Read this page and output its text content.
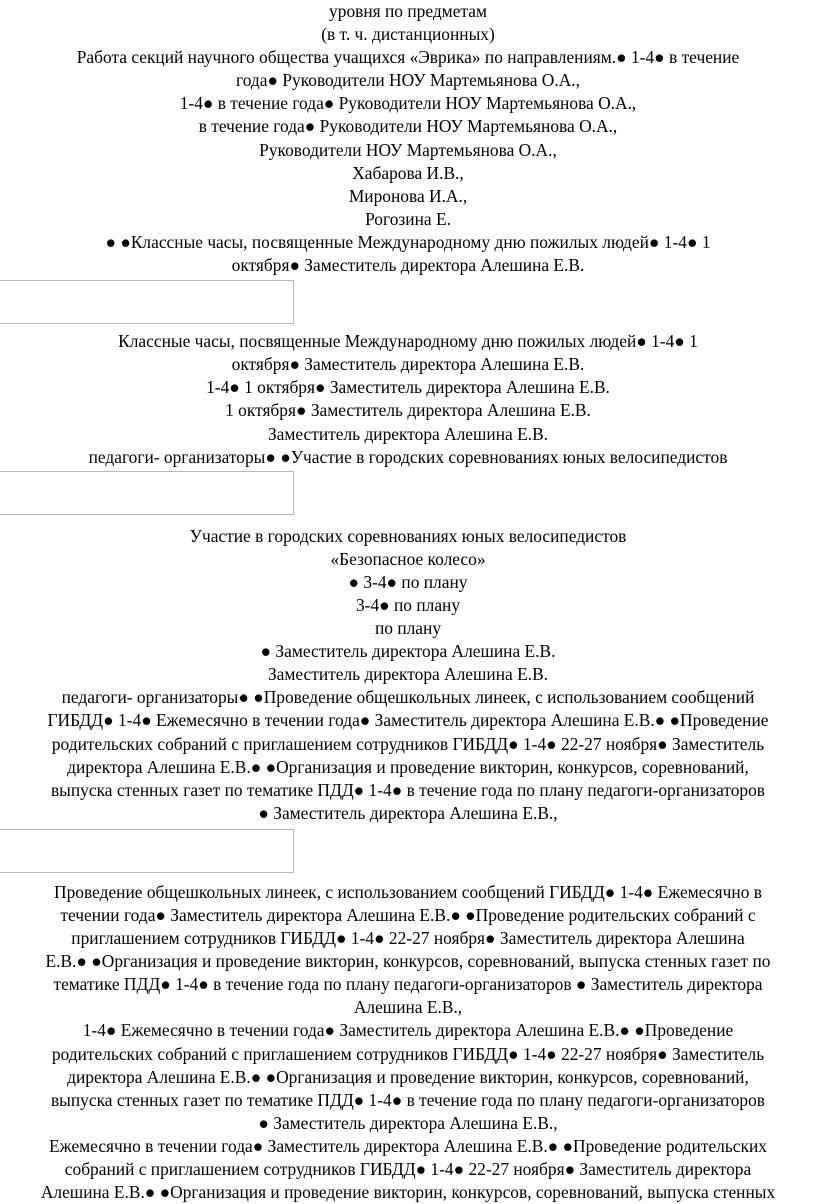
уровня по предметам
(в т. ч. дистанционных)
Работа секций научного общества учащихся «Эврика» по направлениям.● 1-4● в течение
года● Руководители НОУ Мартемьянова О.А.,
1-4● в течение года● Руководители НОУ Мартемьянова О.А.,
в течение года● Руководители НОУ Мартемьянова О.А.,
Руководители НОУ Мартемьянова О.А.,
Хабарова И.В.,
Миронова И.А.,
Рогозина Е.
● ●Классные часы, посвященные Международному дню пожилых людей● 1-4● 1
октября● Заместитель директора Алешина Е.В.
Классные часы, посвященные Международному дню пожилых людей● 1-4● 1
октября● Заместитель директора Алешина Е.В.
1-4● 1 октября● Заместитель директора Алешина Е.В.
1 октября● Заместитель директора Алешина Е.В.
Заместитель директора Алешина Е.В.
педагоги- организаторы● ●Участие в городских соревнованиях юных велосипедистов
Участие в городских соревнованиях юных велосипедистов
«Безопасное колесо»
● 3-4● по плану
3-4● по плану
по плану
● Заместитель директора Алешина Е.В.
Заместитель директора Алешина Е.В.
педагоги- организаторы● ●Проведение общешкольных линеек, с использованием сообщений
ГИБДД● 1-4● Ежемесячно в течении года● Заместитель директора Алешина Е.В.● ●Проведение
родительских собраний с приглашением сотрудников ГИБДД● 1-4● 22-27 ноября● Заместитель
директора Алешина Е.В.● ●Организация и проведение викторин, конкурсов, соревнований,
выпуска стенных газет по тематике ПДД● 1-4● в течение года по плану педагоги-организаторов
● Заместитель директора Алешина Е.В.,
Проведение общешкольных линеек, с использованием сообщений ГИБДД● 1-4● Ежемесячно в
течении года● Заместитель директора Алешина Е.В.● ●Проведение родительских собраний с
приглашением сотрудников ГИБДД● 1-4● 22-27 ноября● Заместитель директора Алешина
Е.В.● ●Организация и проведение викторин, конкурсов, соревнований, выпуска стенных газет по
тематике ПДД● 1-4● в течение года по плану педагоги-организаторов ● Заместитель директора
Алешина Е.В.,
1-4● Ежемесячно в течении года● Заместитель директора Алешина Е.В.● ●Проведение
родительских собраний с приглашением сотрудников ГИБДД● 1-4● 22-27 ноября● Заместитель
директора Алешина Е.В.● ●Организация и проведение викторин, конкурсов, соревнований,
выпуска стенных газет по тематике ПДД● 1-4● в течение года по плану педагоги-организаторов
● Заместитель директора Алешина Е.В.,
Ежемесячно в течении года● Заместитель директора Алешина Е.В.● ●Проведение родительских
собраний с приглашением сотрудников ГИБДД● 1-4● 22-27 ноября● Заместитель директора
Алешина Е.В.● ●Организация и проведение викторин, конкурсов, соревнований, выпуска стенных
